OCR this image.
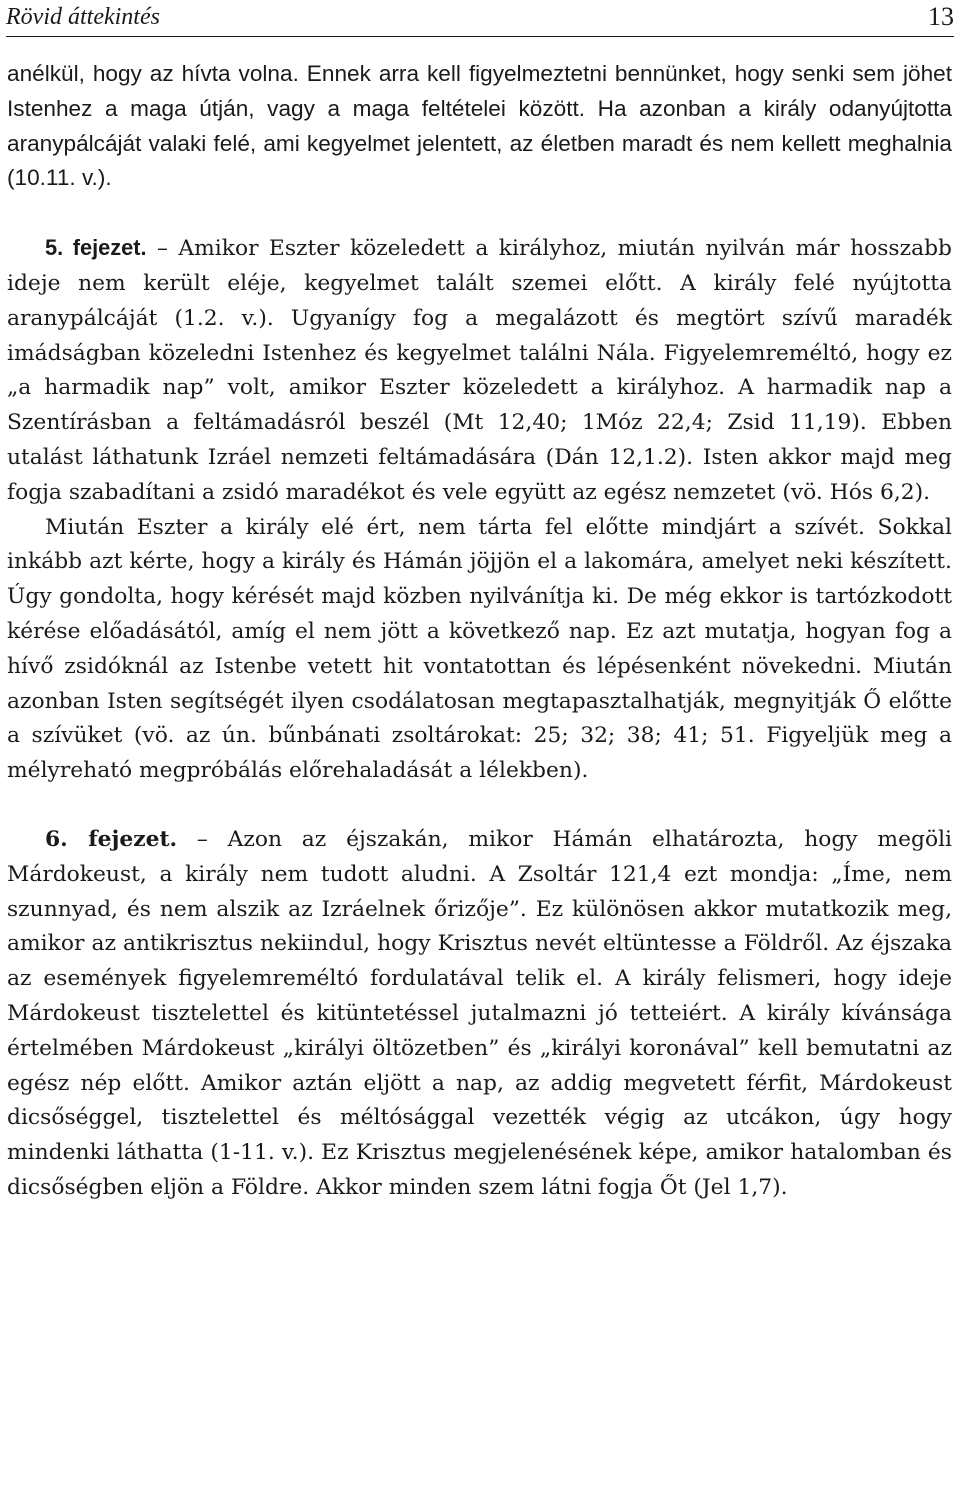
Rövid áttekintés	13

anélkül, hogy az hívta volna. Ennek arra kell figyelmeztetni bennünket, hogy senki sem jöhet Istenhez a maga útján, vagy a maga feltételei között. Ha azonban a király odanyújtotta aranypálcáját valaki felé, ami kegyelmet jelentett, az életben maradt és nem kellett meghalnia (10.11. v.).

5. fejezet. – Amikor Eszter közeledett a királyhoz, miután nyilván már hosszabb ideje nem került eléje, kegyelmet talált szemei előtt. A király felé nyújtotta aranypálcáját (1.2. v.). Ugyanígy fog a megalázott és megtört szívű maradék imádságban közeledni Istenhez és kegyelmet találni Nála. Figyelemreméltó, hogy ez „a harmadik nap” volt, amikor Eszter közeledett a királyhoz. A harmadik nap a Szentírásban a feltámadásról beszél (Mt 12,40; 1Móz 22,4; Zsid 11,19). Ebben utalást láthatunk Izráel nemzeti feltámadására (Dán 12,1.2). Isten akkor majd meg fogja szabadítani a zsidó maradékot és vele együtt az egész nemzetet (vö. Hós 6,2).

Miután Eszter a király elé ért, nem tárta fel előtte mindjárt a szívét. Sokkal inkább azt kérte, hogy a király és Hámán jöjjön el a lakomára, amelyet neki készített. Úgy gondolta, hogy kérését majd közben nyilvánítja ki. De még ekkor is tartózkodott kérése előadásától, amíg el nem jött a következő nap. Ez azt mutatja, hogyan fog a hívő zsidóknál az Istenbe vetett hit vontatottan és lépésenként növekedni. Miután azonban Isten segítségét ilyen csodálatosan megtapasztalhatják, megnyitják Ő előtte a szívüket (vö. az ún. bűnbánati zsoltárokat: 25; 32; 38; 41; 51. Figyeljük meg a mélyreható megpróbálás előrehaladását a lélekben).

6. fejezet. – Azon az éjszakán, mikor Hámán elhatározta, hogy megöli Márdokeust, a király nem tudott aludni. A Zsoltár 121,4 ezt mondja: „Íme, nem szunnyad, és nem alszik az Izráelnek őrizője”. Ez különösen akkor mutatkozik meg, amikor az antikrisztus nekiindul, hogy Krisztus nevét eltüntesse a Földről. Az éjszaka az események figyelemreméltó fordulatával telik el. A király felismeri, hogy ideje Márdokeust tisztelettel és kitüntetéssel jutalmazni jó tetteiért. A király kívánsága értelmében Márdokeust „királyi öltözetben” és „királyi koronával” kell bemutatni az egész nép előtt. Amikor aztán eljött a nap, az addig megvetett férfit, Márdokeust dicsőséggel, tisztelettel és méltósággal vezették végig az utcákon, úgy hogy mindenki láthatta (1-11. v.). Ez Krisztus megjelenésének képe, amikor hatalomban és dicsőségben eljön a Földre. Akkor minden szem látni fogja Őt (Jel 1,7).
